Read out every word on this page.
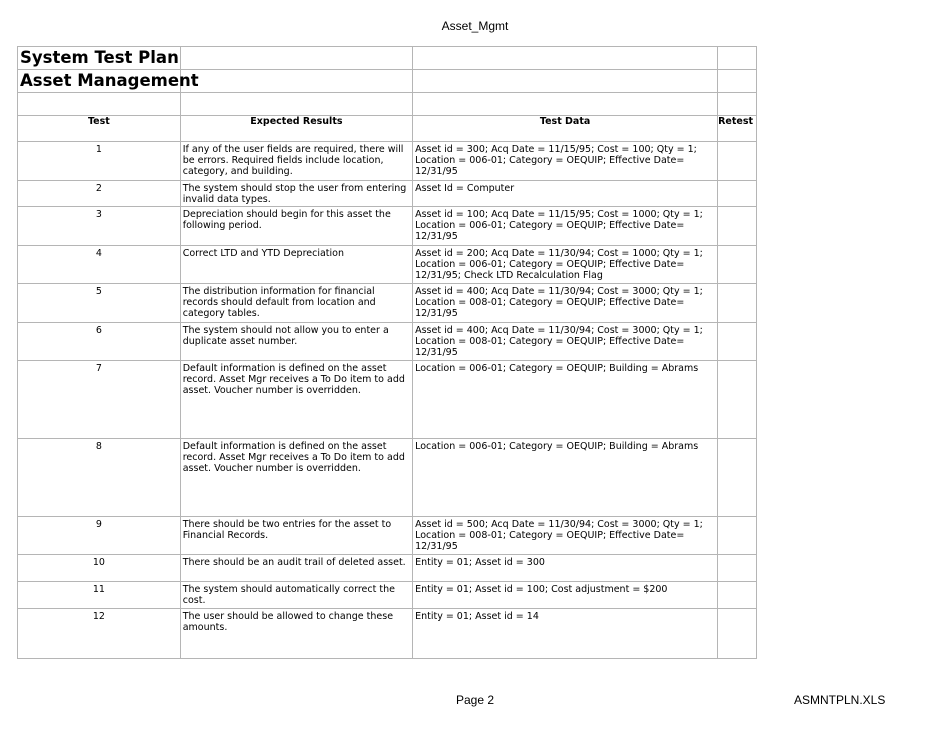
Asset_Mgmt
System Test Plan			
Asset Management			

Test	Expected Results	Test Data	Retest
1	If any of the user fields are required, there will be errors. Required fields include location, category, and building.	Asset id = 300; Acq Date = 11/15/95; Cost = 100; Qty = 1; Location = 006-01; Category = OEQUIP; Effective Date= 12/31/95	
2	The system should stop the user from entering invalid data types.	Asset Id = Computer	
3	Depreciation should begin for this asset the following period.	Asset id = 100; Acq Date = 11/15/95; Cost = 1000; Qty = 1; Location = 006-01; Category = OEQUIP; Effective Date= 12/31/95	
4	Correct LTD and YTD Depreciation	Asset id = 200; Acq Date = 11/30/94; Cost = 1000; Qty = 1; Location = 006-01; Category = OEQUIP; Effective Date= 12/31/95; Check LTD Recalculation Flag	
5	The distribution information for financial records should default from location and category tables.	Asset id = 400; Acq Date = 11/30/94; Cost = 3000; Qty = 1; Location = 008-01; Category = OEQUIP; Effective Date= 12/31/95	
6	The system should not allow you to enter a duplicate asset number.	Asset id = 400; Acq Date = 11/30/94; Cost = 3000; Qty = 1; Location = 008-01; Category = OEQUIP; Effective Date= 12/31/95	
7	Default information is defined on the asset record. Asset Mgr receives a To Do item to add asset. Voucher number is overridden.	Location = 006-01; Category = OEQUIP; Building = Abrams	
8	Default information is defined on the asset record. Asset Mgr receives a To Do item to add asset. Voucher number is overridden.	Location = 006-01; Category = OEQUIP; Building = Abrams	
9	There should be two entries for the asset to Financial Records.	Asset id = 500; Acq Date = 11/30/94; Cost = 3000; Qty = 1; Location = 008-01; Category = OEQUIP; Effective Date= 12/31/95	
10	There should be an audit trail of deleted asset.	Entity = 01; Asset id = 300	
11	The system should automatically correct the cost.	Entity = 01; Asset id = 100; Cost adjustment = $200	
12	The user should be allowed to change these amounts.	Entity = 01; Asset id = 14	
Page 2	ASMNTPLN.XLS
